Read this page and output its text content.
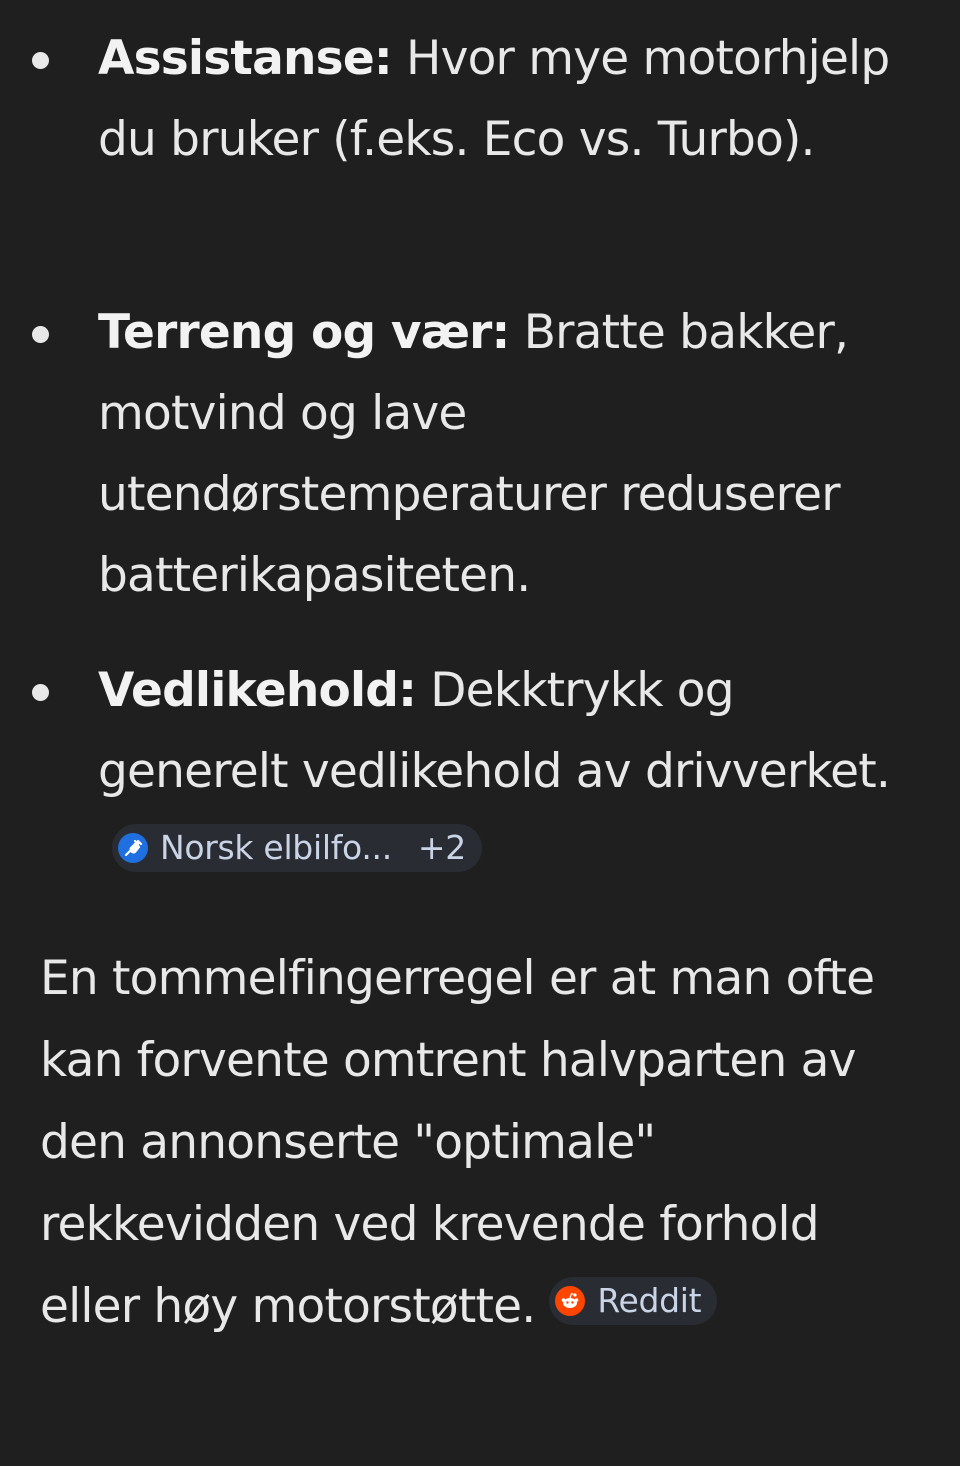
Assistanse: Hvor mye motorhjelp du bruker (f.eks. Eco vs. Turbo).
Terreng og vær: Bratte bakker, motvind og lave utendørstemperaturer reduserer batterikapasiteten.
Vedlikehold: Dekktrykk og generelt vedlikehold av drivverket.
Norsk elbilfo... +2
En tommelfingerregel er at man ofte kan forvente omtrent halvparten av den annonserte "optimale" rekkevidden ved krevende forhold eller høy motorstøtte. Reddit
